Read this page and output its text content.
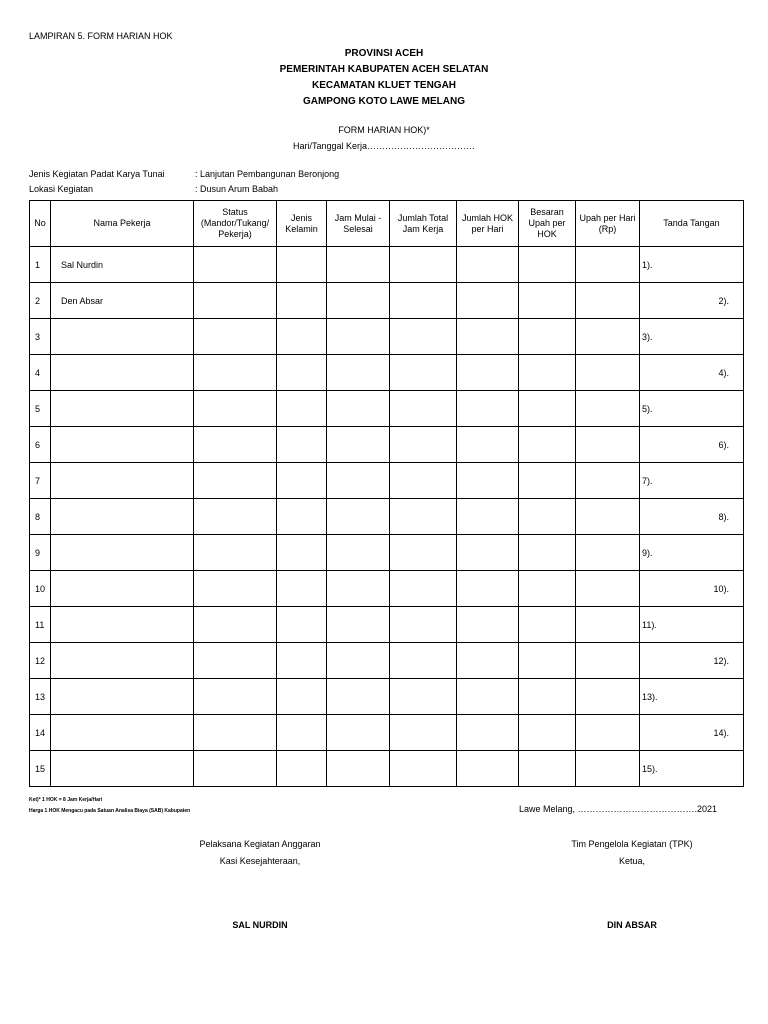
LAMPIRAN 5. FORM HARIAN HOK
PROVINSI ACEH
PEMERINTAH KABUPATEN ACEH SELATAN
KECAMATAN KLUET TENGAH
GAMPONG KOTO LAWE MELANG
FORM HARIAN HOK)*
Hari/Tanggal Kerja………………………………
Jenis Kegiatan Padat Karya Tunai	: Lanjutan Pembangunan Beronjong
Lokasi Kegiatan	: Dusun Arum Babah
No	Nama Pekerja	Status (Mandor/Tukang/ Pekerja)	Jenis Kelamin	Jam Mulai - Selesai	Jumlah Total Jam Kerja	Jumlah HOK per Hari	Besaran Upah per HOK	Upah per Hari (Rp)	Tanda Tangan
1	Sal Nurdin								1).
2	Den Absar								2).
3									3).
4									4).
5									5).
6									6).
7									7).
8									8).
9									9).
10									10).
11									11).
12									12).
13									13).
14									14).
15									15).
Ket)* 1 HOK = 8 Jam Kerja/Hari
Harga 1 HOK Mengacu pada Satuan Analisa Biaya (SAB) Kabupaten	Lawe Melang, ………………………………….2021
Pelaksana Kegiatan Anggaran
Kasi Kesejahteraan,
SAL NURDIN
Tim Pengelola Kegiatan (TPK)
Ketua,
DIN ABSAR
